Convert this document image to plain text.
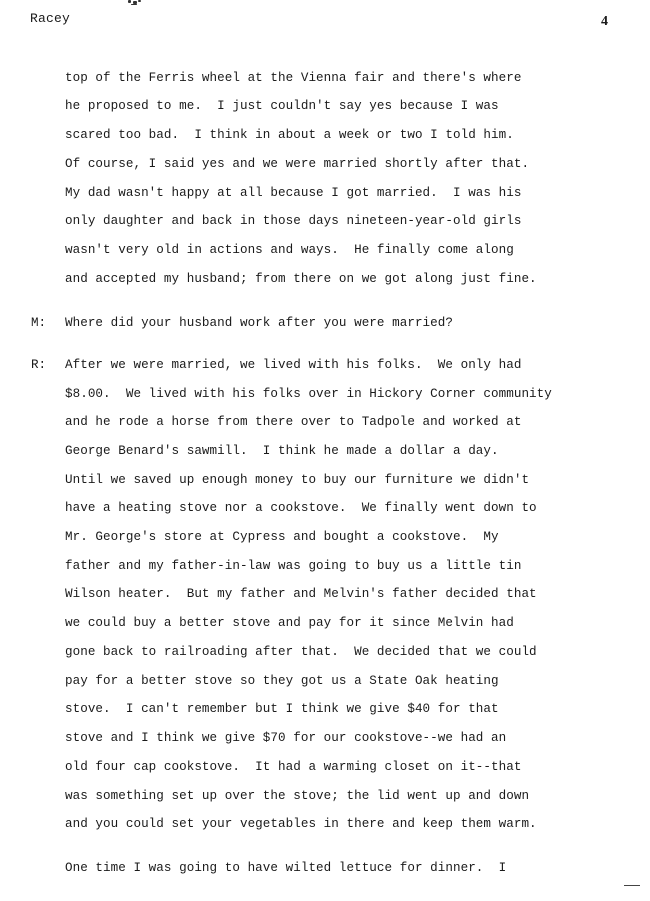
Racey	4
top of the Ferris wheel at the Vienna fair and there's where
he proposed to me.  I just couldn't say yes because I was
scared too bad.  I think in about a week or two I told him.
Of course, I said yes and we were married shortly after that.
My dad wasn't happy at all because I got married.  I was his
only daughter and back in those days nineteen-year-old girls
wasn't very old in actions and ways.  He finally come along
and accepted my husband; from there on we got along just fine.
M: Where did your husband work after you were married?
R: After we were married, we lived with his folks.  We only had
$8.00.  We lived with his folks over in Hickory Corner community
and he rode a horse from there over to Tadpole and worked at
George Benard's sawmill.  I think he made a dollar a day.
Until we saved up enough money to buy our furniture we didn't
have a heating stove nor a cookstove.  We finally went down to
Mr. George's store at Cypress and bought a cookstove.  My
father and my father-in-law was going to buy us a little tin
Wilson heater.  But my father and Melvin's father decided that
we could buy a better stove and pay for it since Melvin had
gone back to railroading after that.  We decided that we could
pay for a better stove so they got us a State Oak heating
stove.  I can't remember but I think we give $40 for that
stove and I think we give $70 for our cookstove--we had an
old four cap cookstove.  It had a warming closet on it--that
was something set up over the stove; the lid went up and down
and you could set your vegetables in there and keep them warm.
One time I was going to have wilted lettuce for dinner.  I
